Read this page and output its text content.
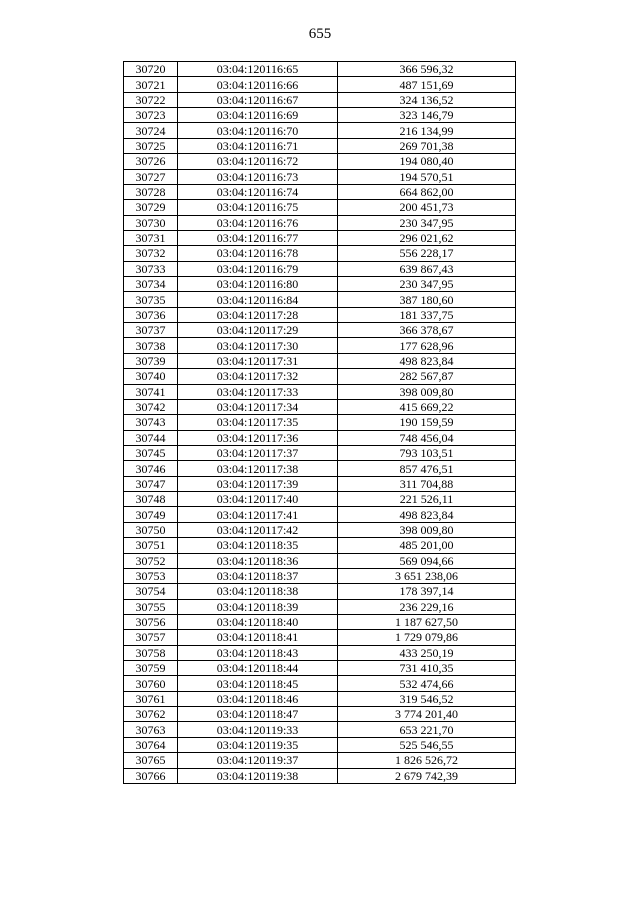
655
30720	03:04:120116:65	366 596,32
30721	03:04:120116:66	487 151,69
30722	03:04:120116:67	324 136,52
30723	03:04:120116:69	323 146,79
30724	03:04:120116:70	216 134,99
30725	03:04:120116:71	269 701,38
30726	03:04:120116:72	194 080,40
30727	03:04:120116:73	194 570,51
30728	03:04:120116:74	664 862,00
30729	03:04:120116:75	200 451,73
30730	03:04:120116:76	230 347,95
30731	03:04:120116:77	296 021,62
30732	03:04:120116:78	556 228,17
30733	03:04:120116:79	639 867,43
30734	03:04:120116:80	230 347,95
30735	03:04:120116:84	387 180,60
30736	03:04:120117:28	181 337,75
30737	03:04:120117:29	366 378,67
30738	03:04:120117:30	177 628,96
30739	03:04:120117:31	498 823,84
30740	03:04:120117:32	282 567,87
30741	03:04:120117:33	398 009,80
30742	03:04:120117:34	415 669,22
30743	03:04:120117:35	190 159,59
30744	03:04:120117:36	748 456,04
30745	03:04:120117:37	793 103,51
30746	03:04:120117:38	857 476,51
30747	03:04:120117:39	311 704,88
30748	03:04:120117:40	221 526,11
30749	03:04:120117:41	498 823,84
30750	03:04:120117:42	398 009,80
30751	03:04:120118:35	485 201,00
30752	03:04:120118:36	569 094,66
30753	03:04:120118:37	3 651 238,06
30754	03:04:120118:38	178 397,14
30755	03:04:120118:39	236 229,16
30756	03:04:120118:40	1 187 627,50
30757	03:04:120118:41	1 729 079,86
30758	03:04:120118:43	433 250,19
30759	03:04:120118:44	731 410,35
30760	03:04:120118:45	532 474,66
30761	03:04:120118:46	319 546,52
30762	03:04:120118:47	3 774 201,40
30763	03:04:120119:33	653 221,70
30764	03:04:120119:35	525 546,55
30765	03:04:120119:37	1 826 526,72
30766	03:04:120119:38	2 679 742,39
